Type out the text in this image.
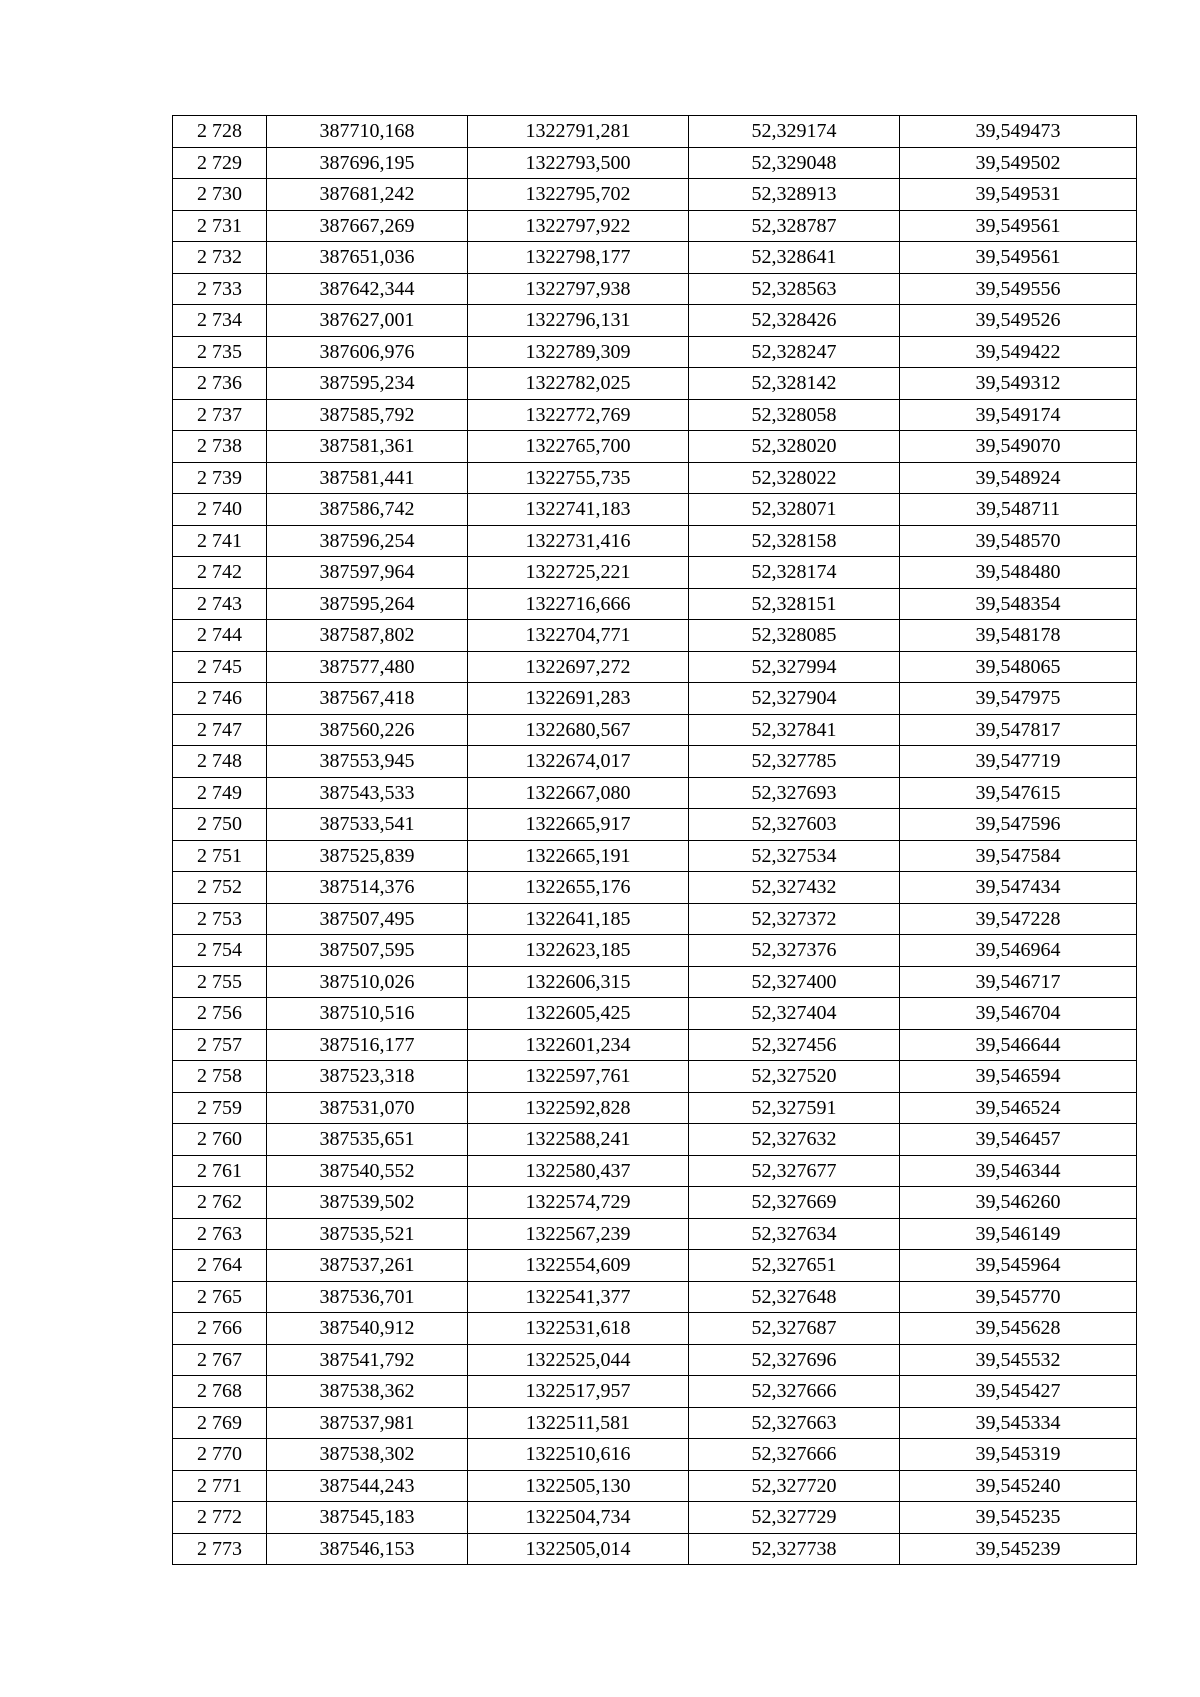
2 728	387710,168	1322791,281	52,329174	39,549473
2 729	387696,195	1322793,500	52,329048	39,549502
2 730	387681,242	1322795,702	52,328913	39,549531
2 731	387667,269	1322797,922	52,328787	39,549561
2 732	387651,036	1322798,177	52,328641	39,549561
2 733	387642,344	1322797,938	52,328563	39,549556
2 734	387627,001	1322796,131	52,328426	39,549526
2 735	387606,976	1322789,309	52,328247	39,549422
2 736	387595,234	1322782,025	52,328142	39,549312
2 737	387585,792	1322772,769	52,328058	39,549174
2 738	387581,361	1322765,700	52,328020	39,549070
2 739	387581,441	1322755,735	52,328022	39,548924
2 740	387586,742	1322741,183	52,328071	39,548711
2 741	387596,254	1322731,416	52,328158	39,548570
2 742	387597,964	1322725,221	52,328174	39,548480
2 743	387595,264	1322716,666	52,328151	39,548354
2 744	387587,802	1322704,771	52,328085	39,548178
2 745	387577,480	1322697,272	52,327994	39,548065
2 746	387567,418	1322691,283	52,327904	39,547975
2 747	387560,226	1322680,567	52,327841	39,547817
2 748	387553,945	1322674,017	52,327785	39,547719
2 749	387543,533	1322667,080	52,327693	39,547615
2 750	387533,541	1322665,917	52,327603	39,547596
2 751	387525,839	1322665,191	52,327534	39,547584
2 752	387514,376	1322655,176	52,327432	39,547434
2 753	387507,495	1322641,185	52,327372	39,547228
2 754	387507,595	1322623,185	52,327376	39,546964
2 755	387510,026	1322606,315	52,327400	39,546717
2 756	387510,516	1322605,425	52,327404	39,546704
2 757	387516,177	1322601,234	52,327456	39,546644
2 758	387523,318	1322597,761	52,327520	39,546594
2 759	387531,070	1322592,828	52,327591	39,546524
2 760	387535,651	1322588,241	52,327632	39,546457
2 761	387540,552	1322580,437	52,327677	39,546344
2 762	387539,502	1322574,729	52,327669	39,546260
2 763	387535,521	1322567,239	52,327634	39,546149
2 764	387537,261	1322554,609	52,327651	39,545964
2 765	387536,701	1322541,377	52,327648	39,545770
2 766	387540,912	1322531,618	52,327687	39,545628
2 767	387541,792	1322525,044	52,327696	39,545532
2 768	387538,362	1322517,957	52,327666	39,545427
2 769	387537,981	1322511,581	52,327663	39,545334
2 770	387538,302	1322510,616	52,327666	39,545319
2 771	387544,243	1322505,130	52,327720	39,545240
2 772	387545,183	1322504,734	52,327729	39,545235
2 773	387546,153	1322505,014	52,327738	39,545239
